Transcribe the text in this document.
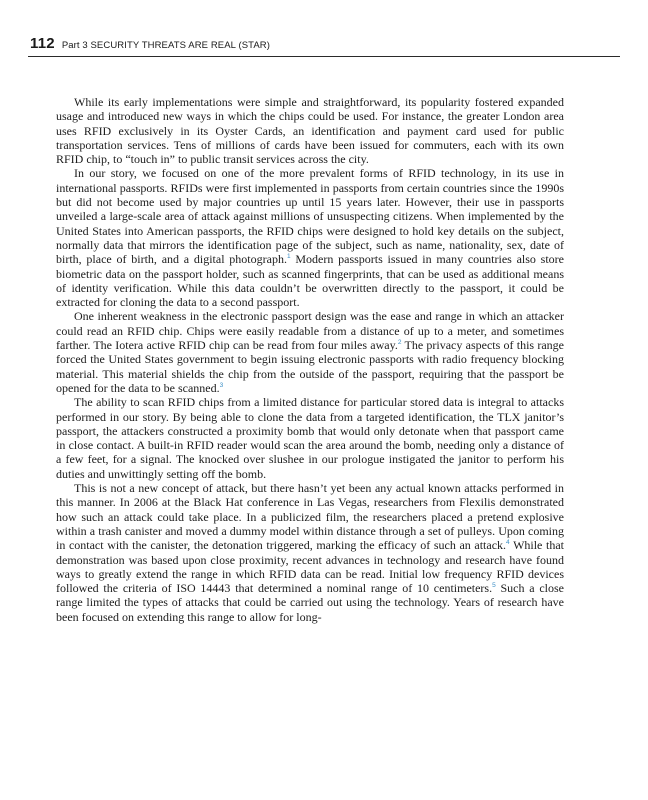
112 Part 3 SECURITY THREATS ARE REAL (STAR)

While its early implementations were simple and straightforward, its popularity fostered expanded usage and introduced new ways in which the chips could be used. For instance, the greater London area uses RFID exclusively in its Oyster Cards, an identification and payment card used for public transportation services. Tens of millions of cards have been issued for commuters, each with its own RFID chip, to “touch in” to public transit services across the city.

In our story, we focused on one of the more prevalent forms of RFID technology, in its use in international passports. RFIDs were first implemented in passports from certain countries since the 1990s but did not become used by major countries up until 15 years later. However, their use in passports unveiled a large-scale area of attack against millions of unsuspecting citizens. When implemented by the United States into American passports, the RFID chips were designed to hold key details on the subject, normally data that mirrors the identification page of the subject, such as name, nationality, sex, date of birth, place of birth, and a digital photograph.$^1$ Modern passports issued in many countries also store biometric data on the passport holder, such as scanned fingerprints, that can be used as additional means of identity verification. While this data couldn’t be overwritten directly to the passport, it could be extracted for cloning the data to a second passport.

One inherent weakness in the electronic passport design was the ease and range in which an attacker could read an RFID chip. Chips were easily readable from a distance of up to a meter, and sometimes farther. The Iotera active RFID chip can be read from four miles away.$^2$ The privacy aspects of this range forced the United States government to begin issuing electronic passports with radio frequency blocking material. This material shields the chip from the outside of the passport, requiring that the passport be opened for the data to be scanned.$^3$

The ability to scan RFID chips from a limited distance for particular stored data is integral to attacks performed in our story. By being able to clone the data from a targeted identification, the TLX janitor’s passport, the attackers constructed a proximity bomb that would only detonate when that passport came in close contact. A built-in RFID reader would scan the area around the bomb, needing only a distance of a few feet, for a signal. The knocked over slushee in our prologue instigated the janitor to perform his duties and unwittingly setting off the bomb.

This is not a new concept of attack, but there hasn’t yet been any actual known attacks performed in this manner. In 2006 at the Black Hat conference in Las Vegas, researchers from Flexilis demonstrated how such an attack could take place. In a publicized film, the researchers placed a pretend explosive within a trash canister and moved a dummy model within distance through a set of pulleys. Upon coming in contact with the canister, the detonation triggered, marking the efficacy of such an attack.$^4$ While that demonstration was based upon close proximity, recent advances in technology and research have found ways to greatly extend the range in which RFID data can be read. Initial low frequency RFID devices followed the criteria of ISO 14443 that determined a nominal range of 10 centimeters.$^5$ Such a close range limited the types of attacks that could be carried out using the technology. Years of research have been focused on extending this range to allow for long-
